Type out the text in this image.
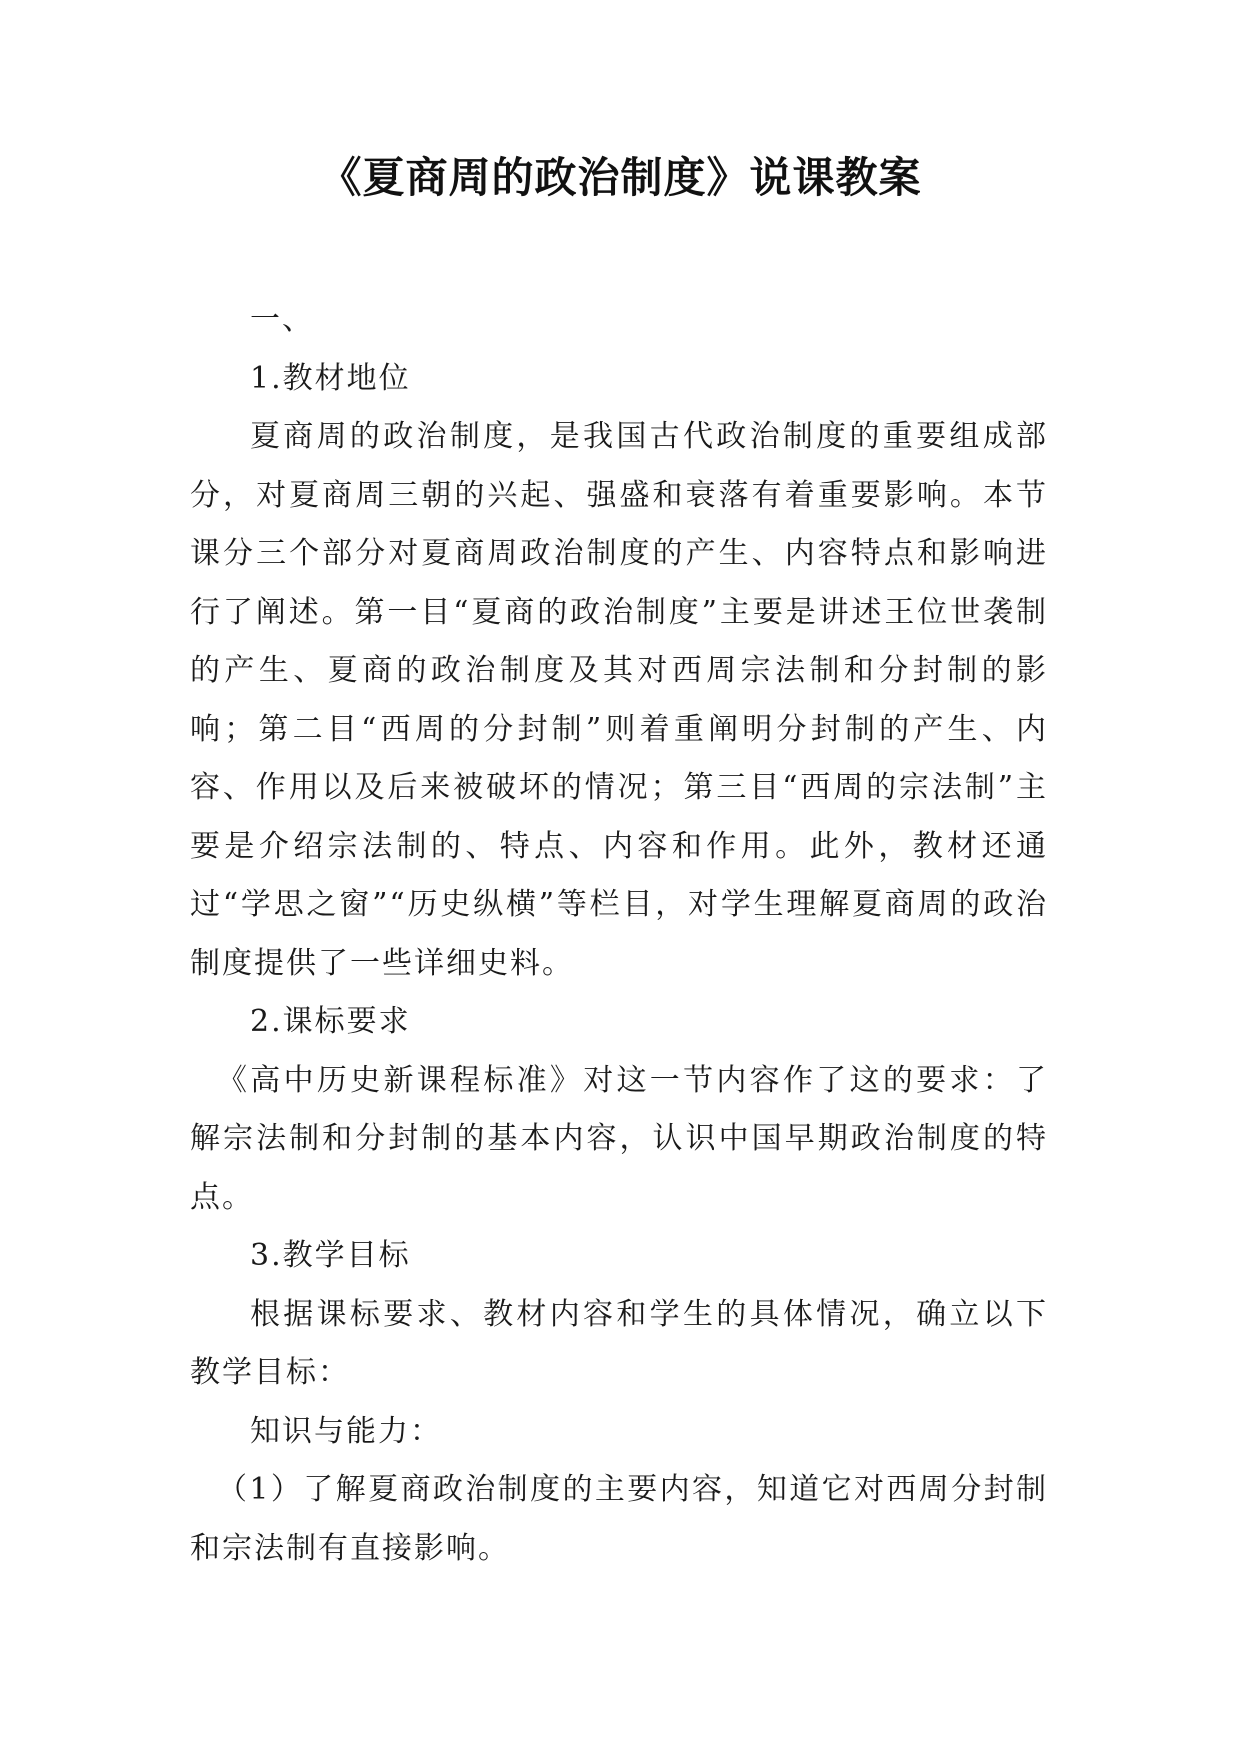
《夏商周的政治制度》说课教案

一、

1.教材地位

夏商周的政治制度，是我国古代政治制度的重要组成部分，对夏商周三朝的兴起、强盛和衰落有着重要影响。本节课分三个部分对夏商周政治制度的产生、内容特点和影响进行了阐述。第一目“夏商的政治制度”主要是讲述王位世袭制的产生、夏商的政治制度及其对西周宗法制和分封制的影响；第二目“西周的分封制”则着重阐明分封制的产生、内容、作用以及后来被破坏的情况；第三目“西周的宗法制”主要是介绍宗法制的、特点、内容和作用。此外，教材还通过“学思之窗”“历史纵横”等栏目，对学生理解夏商周的政治制度提供了一些详细史料。

2.课标要求

《高中历史新课程标准》对这一节内容作了这的要求：了解宗法制和分封制的基本内容，认识中国早期政治制度的特点。

3.教学目标

根据课标要求、教材内容和学生的具体情况，确立以下教学目标：

知识与能力：

（1）了解夏商政治制度的主要内容，知道它对西周分封制和宗法制有直接影响。
